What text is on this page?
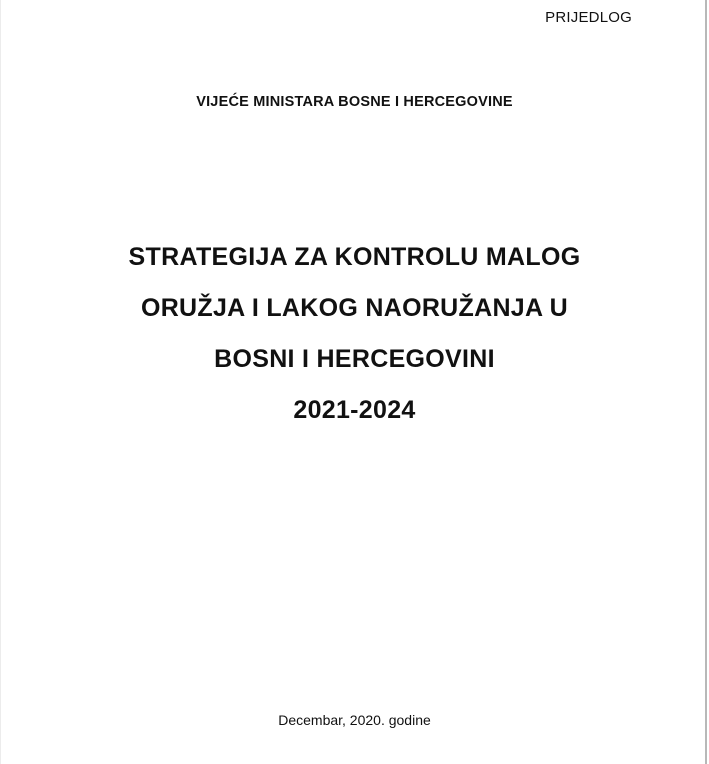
PRIJEDLOG
VIJEĆE MINISTARA BOSNE I HERCEGOVINE
STRATEGIJA ZA KONTROLU MALOG
ORUŽJA I LAKOG NAORUŽANJA U
BOSNI I HERCEGOVINI
2021-2024
Decembar, 2020. godine
